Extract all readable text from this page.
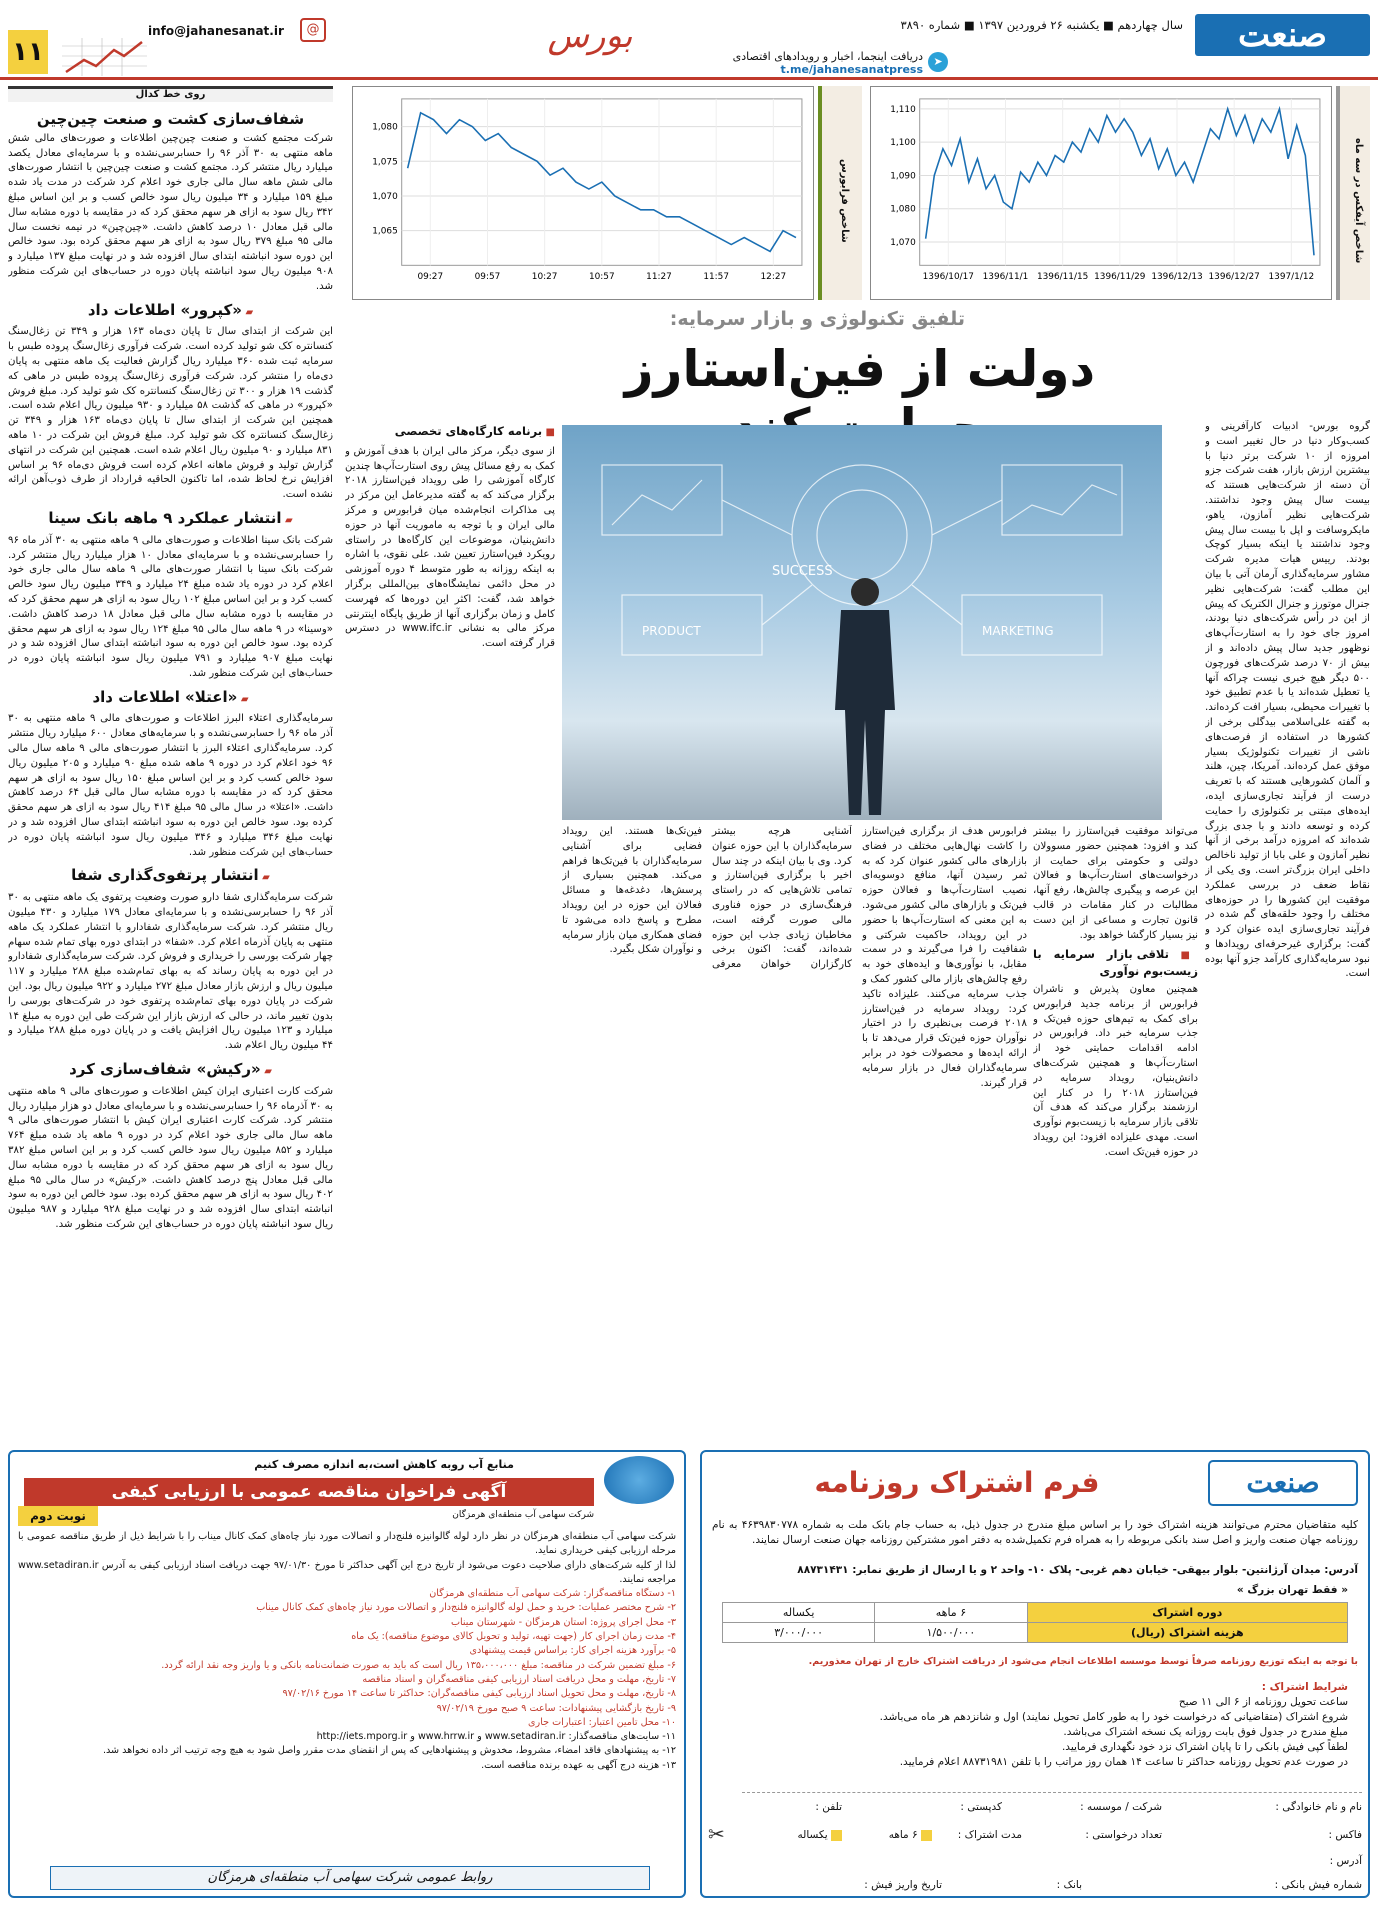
صنعت
سال چهاردهم ■ یکشنبه ۲۶ فروردین ۱۳۹۷ ■ شماره ۳۸۹۰
➤
دریافت اینجما، اخبار و رویدادهای اقتصادی
t.me/jahanesanatpress
بورس
@
info@jahanesanat.ir
۱۱
روی خط کدال
شفاف‌سازی کشت و صنعت چین‌چین
شرکت مجتمع کشت و صنعت چین‌چین اطلاعات و صورت‌های مالی شش ماهه منتهی به ۳۰ آذر ۹۶ را حسابرسی‌نشده و با سرمایه‌ای معادل یکصد میلیارد ریال منتشر کرد. مجتمع کشت و صنعت چین‌چین با انتشار صورت‌های مالی شش ماهه سال مالی جاری خود اعلام کرد شرکت در مدت یاد شده مبلغ ۱۵۹ میلیارد و ۳۴ میلیون ریال سود خالص کسب و بر این اساس مبلغ ۳۴۲ ریال سود به ازای هر سهم محقق کرد که در مقایسه با دوره مشابه سال مالی قبل معادل ۱۰ درصد کاهش داشت. «چین‌چین» در نیمه نخست سال مالی ۹۵ مبلغ ۳۷۹ ریال سود به ازای هر سهم محقق کرده بود. سود خالص این دوره سود انباشته ابتدای سال افزوده شد و در نهایت مبلغ ۱۳۷ میلیارد و ۹۰۸ میلیون ریال سود انباشته پایان دوره در حساب‌های این شرکت منظور شد.
▰ «کپرور» اطلاعات داد
این شرکت از ابتدای سال تا پایان دی‌ماه ۱۶۳ هزار و ۳۴۹ تن زغال‌سنگ کنسانتره کک شو تولید کرده است. شرکت فرآوری زغال‌سنگ پروده طبس با سرمایه ثبت شده ۳۶۰ میلیارد ریال گزارش فعالیت یک ماهه منتهی به پایان دی‌ماه را منتشر کرد. شرکت فرآوری زغال‌سنگ پروده طبس در ماهی که گذشت ۱۹ هزار و ۳۰۰ تن زغال‌سنگ کنسانتره کک شو تولید کرد. مبلغ فروش «کپرور» در ماهی که گذشت ۵۸ میلیارد و ۹۳۰ میلیون ریال اعلام شده است. همچنین این شرکت از ابتدای سال تا پایان دی‌ماه ۱۶۳ هزار و ۳۴۹ تن زغال‌سنگ کنسانتره کک شو تولید کرد. مبلغ فروش این شرکت در ۱۰ ماهه ۸۳۱ میلیارد و ۹۰ میلیون ریال اعلام شده است. همچنین این شرکت در انتهای گزارش تولید و فروش ماهانه اعلام کرده است فروش دی‌ماه ۹۶ بر اساس افزایش نرخ لحاظ شده، اما تاکنون الحاقیه قرارداد از طرف ذوب‌آهن ارائه نشده است.
▰ انتشار عملکرد ۹ ماهه بانک سینا
شرکت بانک سینا اطلاعات و صورت‌های مالی ۹ ماهه منتهی به ۳۰ آذر ماه ۹۶ را حسابرسی‌نشده و با سرمایه‌ای معادل ۱۰ هزار میلیارد ریال منتشر کرد. شرکت بانک سینا با انتشار صورت‌های مالی ۹ ماهه سال مالی جاری خود اعلام کرد در دوره یاد شده مبلغ ۲۴ میلیارد و ۳۴۹ میلیون ریال سود خالص کسب کرد و بر این اساس مبلغ ۱۰۲ ریال سود به ازای هر سهم محقق کرد که در مقایسه با دوره مشابه سال مالی قبل معادل ۱۸ درصد کاهش داشت. «وسینا» در ۹ ماهه سال مالی ۹۵ مبلغ ۱۲۴ ریال سود به ازای هر سهم محقق کرده بود. سود خالص این دوره به سود انباشته ابتدای سال افزوده شد و در نهایت مبلغ ۹۰۷ میلیارد و ۷۹۱ میلیون ریال سود انباشته پایان دوره در حساب‌های این شرکت منظور شد.
▰ «اعتلا» اطلاعات داد
سرمایه‌گذاری اعتلاء البرز اطلاعات و صورت‌های مالی ۹ ماهه منتهی به ۳۰ آذر ماه ۹۶ را حسابرسی‌نشده و با سرمایه‌های معادل ۶۰۰ میلیارد ریال منتشر کرد. سرمایه‌گذاری اعتلاء البرز با انتشار صورت‌های مالی ۹ ماهه سال مالی ۹۶ خود اعلام کرد در دوره ۹ ماهه شده مبلغ ۹۰ میلیارد و ۲۰۵ میلیون ریال سود خالص کسب کرد و بر این اساس مبلغ ۱۵۰ ریال سود به ازای هر سهم محقق کرد که در مقایسه با دوره مشابه سال مالی قبل ۶۴ درصد کاهش داشت. «اعتلا» در سال مالی ۹۵ مبلغ ۴۱۴ ریال سود به ازای هر سهم محقق کرده بود. سود خالص این دوره به سود انباشته ابتدای سال افزوده شد و در نهایت مبلغ ۳۴۶ میلیارد و ۳۴۶ میلیون ریال سود انباشته پایان دوره در حساب‌های این شرکت منظور شد.
▰ انتشار پرتفوی‌گذاری شفا
شرکت سرمایه‌گذاری شفا دارو صورت وضعیت پرتفوی یک ماهه منتهی به ۳۰ آذر ۹۶ را حسابرسی‌نشده و با سرمایه‌ای معادل ۱۷۹ میلیارد و ۴۳۰ میلیون ریال منتشر کرد. شرکت سرمایه‌گذاری شفادارو با انتشار عملکرد یک ماهه منتهی به پایان آذرماه اعلام کرد. «شفا» در ابتدای دوره بهای تمام شده سهام چهار شرکت بورسی را خریداری و فروش کرد. شرکت سرمایه‌گذاری شفادارو در این دوره به پایان رساند که به بهای تمام‌شده مبلغ ۲۸۸ میلیارد و ۱۱۷ میلیون ریال و ارزش بازار معادل مبلغ ۲۷۲ میلیارد و ۹۲۲ میلیون ریال بود. این شرکت در پایان دوره بهای تمام‌شده پرتفوی خود در شرکت‌های بورسی را بدون تغییر ماند، در حالی که ارزش بازار این شرکت طی این دوره به مبلغ ۱۴ میلیارد و ۱۲۳ میلیون ریال افزایش یافت و در پایان دوره مبلغ ۲۸۸ میلیارد و ۴۴ میلیون ریال اعلام شد.
▰ «رکیش» شفاف‌سازی کرد
شرکت کارت اعتباری ایران کیش اطلاعات و صورت‌های مالی ۹ ماهه منتهی به ۳۰ آذرماه ۹۶ را حسابرسی‌نشده و با سرمایه‌ای معادل دو هزار میلیارد ریال منتشر کرد. شرکت کارت اعتباری ایران کیش با انتشار صورت‌های مالی ۹ ماهه سال مالی جاری خود اعلام کرد در دوره ۹ ماهه یاد شده مبلغ ۷۶۴ میلیارد و ۸۵۲ میلیون ریال سود خالص کسب کرد و بر این اساس مبلغ ۳۸۲ ریال سود به ازای هر سهم محقق کرد که در مقایسه با دوره مشابه سال مالی قبل معادل پنج درصد کاهش داشت. «رکیش» در سال مالی ۹۵ مبلغ ۴۰۲ ریال سود به ازای هر سهم محقق کرده بود. سود خالص این دوره به سود انباشته ابتدای سال افزوده شد و در نهایت مبلغ ۹۲۸ میلیارد و ۹۸۷ میلیون ریال سود انباشته پایان دوره در حساب‌های این شرکت منظور شد.
شاخص آیفکس در سه ماه
1,070
1,080
1,090
1,100
1,110
1396/10/17 1396/11/1 1396/11/15 1396/11/29 1396/12/13 1396/12/27 1397/1/12
شاخص فرابورس
1,065
1,070
1,075
1,080
09:27	09:57	10:27	10:57	11:27	11:57	12:27
تلفیق تکنولوژی و بازار سرمایه:
دولت از فین‌استارز
گروه بورس- ادبیات کارآفرینی و کسب‌وکار دنیا در حال تغییر است و امروزه از ۱۰ شرکت برتر دنیا با بیشترین ارزش بازار، هفت شرکت جزو آن دسته از شرکت‌هایی هستند که بیست سال پیش وجود نداشتند. شرکت‌هایی نظیر آمازون، یاهو، مایکروسافت و اپل با بیست سال پیش وجود نداشتند یا اینکه بسیار کوچک بودند. رییس هیات مدیره شرکت مشاور سرمایه‌گذاری آرمان آتی با بیان این مطلب گفت: شرکت‌هایی نظیر جنرال موتورز و جنرال الکتریک که پیش از این در رأس شرکت‌های دنیا بودند، امروز جای خود را به استارت‌آپ‌های نوظهور جدید سال پیش داده‌اند و از بیش از ۷۰ درصد شرکت‌های فورچون ۵۰۰ دیگر هیچ خبری نیست چراکه آنها یا تعطیل شده‌اند یا با عدم تطبیق خود با تغییرات محیطی، بسیار افت کرده‌اند. به گفته علی‌اسلامی بیدگلی برخی از کشورها در استفاده از فرصت‌های ناشی از تغییرات تکنولوژیک بسیار موفق عمل کرده‌اند. آمریکا، چین، هلند و آلمان کشورهایی هستند که با تعریف درست از فرآیند تجاری‌سازی ایده، ایده‌های مبتنی بر تکنولوژی را حمایت کرده و توسعه دادند و با جدی بزرگ شده‌اند که امروزه درآمد برخی از آنها نظیر آمازون و علی بابا از تولید ناخالص داخلی ایران بزرگ‌تر است. وی یکی از نقاط ضعف در بررسی عملکرد موفقیت این کشورها را در حوزه‌های مختلف را وجود حلقه‌های گم شده در فرآیند تجاری‌سازی ایده عنوان کرد و گفت: برگزاری غیرحرفه‌ای رویدادها و نبود سرمایه‌گذاری کارآمد جزو آنها بوده است.
SUCCESS
PRODUCT	MARKETING
می‌تواند موفقیت فین‌استارز را بیشتر کند و افزود: همچنین حضور مسوولان دولتی و حکومتی برای حمایت از درخواست‌های استارت‌آپ‌ها و فعالان این عرصه و پیگیری چالش‌ها، رفع آنها، مطالبات در کنار مقامات در قالب قانون تجارت و مساعی از این دست نیز بسیار کارگشا خواهد بود.
■ تلاقی بازار سرمایه با زیست‌بوم نوآوری
همچنین معاون پذیرش و ناشران فرابورس از برنامه جدید فرابورس برای کمک به تیم‌های حوزه فین‌تک و جذب سرمایه خبر داد. فرابورس در ادامه اقدامات حمایتی خود از استارت‌آپ‌ها و همچنین شرکت‌های دانش‌بنیان، رویداد سرمایه در فین‌استارز ۲۰۱۸ را در کنار این ارزشمند برگزار می‌کند که هدف آن تلاقی بازار سرمایه با زیست‌بوم نوآوری است. مهدی علیزاده افزود: این رویداد در حوزه فین‌تک است.
فرابورس هدف از برگزاری فین‌استارز را کاشت نهال‌هایی مختلف در فضای بازارهای مالی کشور عنوان کرد که به ثمر رسیدن آنها، منافع دوسویه‌ای نصیب استارت‌آپ‌ها و فعالان حوزه فین‌تک و بازارهای مالی کشور می‌شود. به این معنی که استارت‌آپ‌ها با حضور در این رویداد، حاکمیت شرکتی و شفافیت را فرا می‌گیرند و در سمت مقابل، با نوآوری‌ها و ایده‌های خود به رفع چالش‌های بازار مالی کشور کمک و جذب سرمایه می‌کنند. علیزاده تاکید کرد: رویداد سرمایه در فین‌استارز ۲۰۱۸ فرصت بی‌نظیری را در اختیار نوآوران حوزه فین‌تک قرار می‌دهد تا با ارائه ایده‌ها و محصولات خود در برابر سرمایه‌گذاران فعال در بازار سرمایه قرار گیرند.
آشنایی هرچه بیشتر سرمایه‌گذاران با این حوزه عنوان کرد. وی با بیان اینکه در چند سال اخیر با برگزاری فین‌استارز و تمامی تلاش‌هایی که در راستای فرهنگ‌سازی در حوزه فناوری مالی صورت گرفته است، مخاطبان زیادی جذب این حوزه شده‌اند، گفت: اکنون برخی کارگزاران خواهان معرفی فین‌تک‌ها هستند. این رویداد فضایی برای آشنایی سرمایه‌گذاران با فین‌تک‌ها فراهم می‌کند. همچنین بسیاری از پرسش‌ها، دغدغه‌ها و مسائل فعالان این حوزه در این رویداد مطرح و پاسخ داده می‌شود تا فضای همکاری میان بازار سرمایه و نوآوران شکل بگیرد.
■ برنامه کارگاه‌های تخصصی
از سوی دیگر، مرکز مالی ایران با هدف آموزش و کمک به رفع مسائل پیش روی استارت‌آپ‌ها چندین کارگاه آموزشی را طی رویداد فین‌استارز ۲۰۱۸ برگزار می‌کند که به گفته مدیرعامل این مرکز در پی مذاکرات انجام‌شده میان فرابورس و مرکز مالی ایران و با توجه به ماموریت آنها در حوزه دانش‌بنیان، موضوعات این کارگاه‌ها در راستای رویکرد فین‌استارز تعیین شد. علی نقوی، با اشاره به اینکه روزانه به طور متوسط ۴ دوره آموزشی در محل دائمی نمایشگاه‌های بین‌المللی برگزار خواهد شد، گفت: اکثر این دوره‌ها که فهرست کامل و زمان برگزاری آنها از طریق پایگاه اینترنتی مرکز مالی به نشانی www.ifc.ir در دسترس قرار گرفته است.
صنعت
فرم اشتراک روزنامه
کلیه متقاضیان محترم می‌توانند هزینه اشتراک خود را بر اساس مبلغ مندرج در جدول ذیل، به حساب جام بانک ملت به شماره ۴۶۳۹۸۳۰۷۷۸ به نام روزنامه جهان صنعت واریز و اصل سند بانکی مربوطه را به همراه فرم تکمیل‌شده به دفتر امور مشترکین روزنامه جهان صنعت ارسال نمایند.
آدرس: میدان آرژانتین- بلوار بیهقی- خیابان دهم غربی- پلاک ۱۰- واحد ۲ و یا ارسال از طریق نمابر: ۸۸۷۳۱۴۳۱
« فقط تهران بزرگ »
دوره اشتراک	۶ ماهه	یکساله
هزینه اشتراک (ریال)	۱/۵۰۰/۰۰۰	۳/۰۰۰/۰۰۰
با توجه به اینکه توزیع روزنامه صرفاً توسط موسسه اطلاعات انجام می‌شود از دریافت اشتراک خارج از تهران معذوریم.
شرایط اشتراک :
ساعت تحویل روزنامه از ۶ الی ۱۱ صبح
شروع اشتراک (متقاضیانی که درخواست خود را به طور کامل تحویل نمایند) اول و شانزدهم هر ماه می‌باشد.
مبلغ مندرج در جدول فوق بابت روزانه یک نسخه اشتراک می‌باشد.
لطفاً کپی فیش بانکی را تا پایان اشتراک نزد خود نگهداری فرمایید.
در صورت عدم تحویل روزنامه حداکثر تا ساعت ۱۴ همان روز مراتب را با تلفن ۸۸۷۳۱۹۸۱ اعلام فرمایید.
نام و نام خانوادگی :
شرکت / موسسه :
کدپستی :
تلفن :
فاکس :
تعداد درخواستی :
مدت اشتراک :
۶ ماهه
یکساله
آدرس :
شماره فیش بانکی :
بانک :
تاریخ واریز فیش :
✂
منابع آب روبه کاهش است،به اندازه مصرف کنیم
آگهی فراخوان مناقصه عمومی با ارزیابی کیفی
نوبت دوم	شرکت سهامی آب منطقه‌ای هرمزگان
شرکت سهامی آب منطقه‌ای هرمزگان در نظر دارد لوله گالوانیزه فلنج‌دار و اتصالات مورد نیاز چاه‌های کمک کانال میناب را با شرایط ذیل از طریق مناقصه عمومی با مرحله ارزیابی کیفی خریداری نماید.
لذا از کلیه شرکت‌های دارای صلاحیت دعوت می‌شود از تاریخ درج این آگهی حداکثر تا مورخ ۹۷/۰۱/۳۰ جهت دریافت اسناد ارزیابی کیفی به آدرس www.setadiran.ir مراجعه نمایند.
۱- دستگاه مناقصه‌گزار: شرکت سهامی آب منطقه‌ای هرمزگان
۲- شرح مختصر عملیات: خرید و حمل لوله گالوانیزه فلنج‌دار و اتصالات مورد نیاز چاه‌های کمک کانال میناب
۳- محل اجرای پروژه: استان هرمزگان - شهرستان میناب
۴- مدت زمان اجرای کار (جهت تهیه، تولید و تحویل کالای موضوع مناقصه): یک ماه
۵- برآورد هزینه اجرای کار: براساس قیمت پیشنهادی
۶- مبلغ تضمین شرکت در مناقصه: مبلغ ۱۳۵،۰۰۰،۰۰۰ ریال است که باید به صورت ضمانت‌نامه بانکی و یا واریز وجه نقد ارائه گردد.
۷- تاریخ، مهلت و محل دریافت اسناد ارزیابی کیفی مناقصه‌گران و اسناد مناقصه
۸- تاریخ، مهلت و محل تحویل اسناد ارزیابی کیفی مناقصه‌گران: حداکثر تا ساعت ۱۴ مورخ ۹۷/۰۲/۱۶
۹- تاریخ بازگشایی پیشنهادات: ساعت ۹ صبح مورخ ۹۷/۰۲/۱۹
۱۰- محل تامین اعتبار: اعتبارات جاری
۱۱- سایت‌های مناقصه‌گذار: www.setadiran.ir و www.hrrw.ir و http://iets.mporg.ir
۱۲- به پیشنهادهای فاقد امضاء، مشروط، مخدوش و پیشنهادهایی که پس از انقضای مدت مقرر واصل شود به هیچ وجه ترتیب اثر داده نخواهد شد.
۱۳- هزینه درج آگهی به عهده برنده مناقصه است.
روابط عمومی شرکت سهامی آب منطقه‌ای هرمزگان
